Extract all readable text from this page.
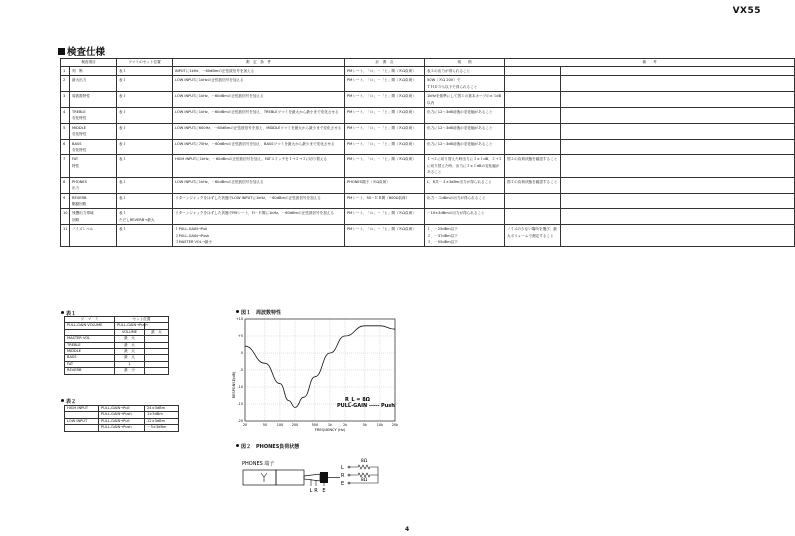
VX55
検査仕様
検査項目		ツマミのセット位置	測　定　条　件	計　測　点	規　　格	備　　考	
1	判　断	表１	INPUTに1kHz、－60dBmの正弦波信号を加える	PMシート、「ロ」－「ヒ」間（８Ω負荷）	表２の出力が得られること		
2	最大出力	表１	LOW INPUTに1kHzの正弦波信号を加える	PMシート、「ロ」－「ヒ」間（８Ω負荷）	50W（８Ω 20V）で
ＴＨＤ５％以下で得られること		
3	周波数特性	表１	LOW INPUTに1kHz、－60dBmの正弦波信号を加える	PMシート、「ロ」－「ヒ」間（８Ω負荷）	1kHzを基準にして図１の基本カーブの±３dB以内		
4	TREBLE
変化特性	表１	LOW INPUTに1kHz、－60dBmの正弦波信号を加え、TREBLEツマミを最大から最小まで変化させる	PMシート、「ロ」－「ヒ」間（８Ω負荷）	出力に12～3dB前後の変化幅があること		
5	MIDDLE
変化特性	表１	LOW INPUTに600Hz、－60dBmの正弦波信号を加え、MIDDLEツマミを最大から最少まで変化させる	PMシート、「ロ」－「ヒ」間（８Ω負荷）	出力に12～3dB前後の変化幅があること		
6	BASS
変化特性	表１	LOW INPUTに70Hz、－60dBmの正弦波信号を加え、BASSツマミを最大から最少まで変化させる	PMシート、「ロ」－「ヒ」間（８Ω負荷）	出力に12～3dB前後の変化幅があること		
7	FAT
特性	表１	HIGH INPUTに1kHz、－60dBmの正弦波信号を加え、FATスイッチを１→２→３に切り替える	PMシート、「ロ」－「ヒ」間（８Ω負荷）	１→２に切り替えた時出力に３±１dB、２→３に切り替えた時、出力に２±１dBの変化幅があること	図２の負荷状態を確認すること	
8	PHONES
出力	表１	LOW INPUTに1kHz、－60dBmの正弦波信号を加える	PHONES端子（８Ω負荷）	L、R共－４±3dBm出力が得られること	図２の負荷状態を確認すること	
9	REVERB
駆動回路	表１	リターンジャックをはずした状態でLOW INPUTに1kHz、－60dBmの正弦波信号を加える	PMシート、30－ＥＢ間（600Ω負荷）	出力－３dBmの出力が得られること		
10	残響出力帯域
回路	表１
ただしREVERB→最大	リターンジャックをはずした状態でPMシート、FI－Ｅ間に1kHz、－60dBmの正弦波信号を加える	PMシート、「ロ」－「ヒ」間（８Ω負荷）	－19±3dBmの出力が得られること		
11	ノイズレベル	表１	１PULL-GAIN→Pull
２PULL-GAIN→Push
３MASTER VOL→最小	PMシート、「ロ」－「ヒ」間（８Ω負荷）	１．－25dBm以下
２．－37dBm以下
３．－55dBm以下	ノイズの少ない場所を選び、最大ボリュームで測定すること	
表１
ツ　マ　ミ	セット位置	
PULL-GAIN VOLUME	PULL-GAIN→Push	
	VOLUME	最　大
MASTER VOL	最　大	
TREBLE	最　大	
MIDDLE	最　大	
BASS	最　大	
FAT	1	
REVERB	最　小	
表２
HIGH INPUT	PULL-GAIN→Pull	24±3dBm
	PULL-GAIN→Push	1±3dBm
LOW INPUT	PULL-GAIN→Pull	12±3dBm
	PULL-GAIN→Push	－5±3dBm
図１　周波数特性
+10
+5
0
-5
-10
-15
-20
20	50	100	200	500	1k	2k	5k	10k	20k
RESPONSE(dB)
FREQUENCY (Hz)
R_L = 8Ω
PULL-GAIN ----- Push
図２　PHONES負荷状態
PHONES 端子
L R E
L
R
E
8Ω
8Ω
4
